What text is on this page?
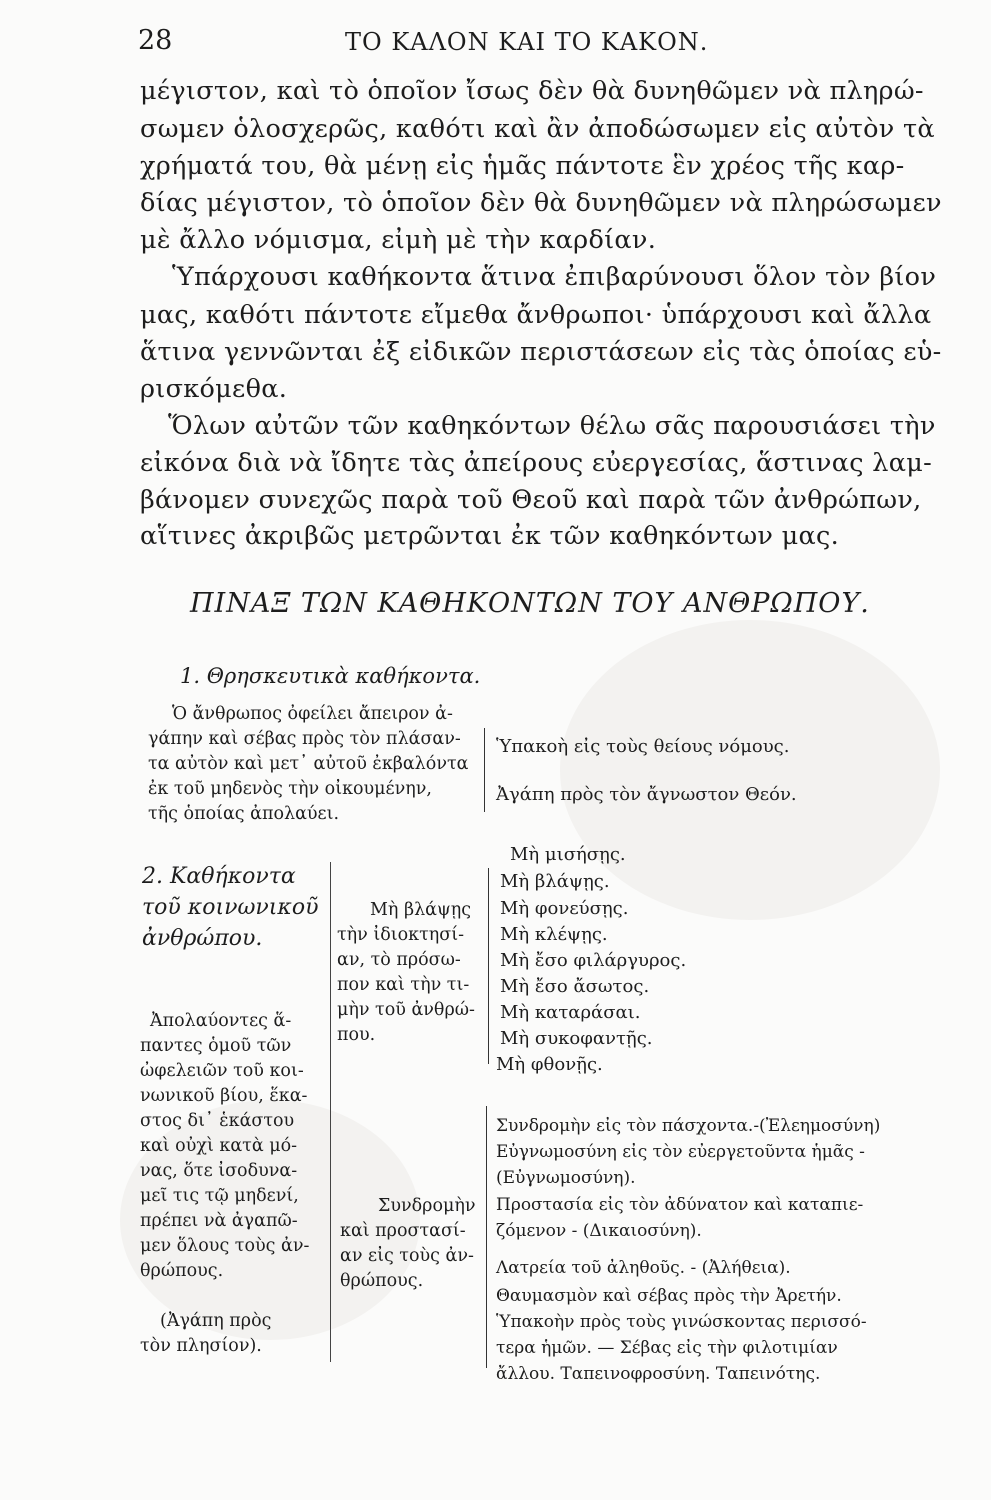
28	ΤΟ ΚΑΛΟΝ ΚΑΙ ΤΟ ΚΑΚΟΝ.
μέγιστον, καὶ τὸ ὁποῖον ἴσως δὲν θὰ δυνηθῶμεν νὰ πληρώ-
σωμεν ὁλοσχερῶς, καθότι καὶ ἂν ἀποδώσωμεν εἰς αὐτὸν τὰ
χρήματά του, θὰ μένῃ εἰς ἡμᾶς πάντοτε ἓν χρέος τῆς καρ-
δίας μέγιστον, τὸ ὁποῖον δὲν θὰ δυνηθῶμεν νὰ πληρώσωμεν
μὲ ἄλλο νόμισμα, εἰμὴ μὲ τὴν καρδίαν.
Ὑπάρχουσι καθήκοντα ἅτινα ἐπιβαρύνουσι ὅλον τὸν βίον
μας, καθότι πάντοτε εἴμεθα ἄνθρωποι· ὑπάρχουσι καὶ ἄλλα
ἅτινα γεννῶνται ἐξ εἰδικῶν περιστάσεων εἰς τὰς ὁποίας εὑ-
ρισκόμεθα.
Ὅλων αὐτῶν τῶν καθηκόντων θέλω σᾶς παρουσιάσει τὴν
εἰκόνα διὰ νὰ ἴδητε τὰς ἀπείρους εὐεργεσίας, ἅστινας λαμ-
βάνομεν συνεχῶς παρὰ τοῦ Θεοῦ καὶ παρὰ τῶν ἀνθρώπων,
αἵτινες ἀκριβῶς μετρῶνται ἐκ τῶν καθηκόντων μας.
ΠΙΝΑΞ ΤΩΝ ΚΑΘΗΚΟΝΤΩΝ ΤΟΥ ΑΝΘΡΩΠΟΥ.
1. Θρησκευτικὰ καθήκοντα.
Ὁ ἄνθρωπος ὀφείλει ἄπειρον ἀ-
γάπην καὶ σέβας πρὸς τὸν πλάσαν-
τα αὐτὸν καὶ μετ᾽ αὐτοῦ ἐκβαλόντα
ἐκ τοῦ μηδενὸς τὴν οἰκουμένην,
τῆς ὁποίας ἀπολαύει.
Ὑπακοὴ εἰς τοὺς θείους νόμους.
Ἀγάπη πρὸς τὸν ἄγνωστον Θεόν.
2. Καθήκοντα
τοῦ κοινωνικοῦ
ἀνθρώπου.
Ἀπολαύοντες ἅ-
παντες ὁμοῦ τῶν
ὠφελειῶν τοῦ κοι-
νωνικοῦ βίου, ἕκα-
στος δι᾽ ἑκάστου
καὶ οὐχὶ κατὰ μό-
νας, ὅτε ἰσοδυνα-
μεῖ τις τῷ μηδενί,
πρέπει νὰ ἀγαπῶ-
μεν ὅλους τοὺς ἀν-
θρώπους.
(Ἀγάπη πρὸς
τὸν πλησίον).
Μὴ βλάψῃς
τὴν ἰδιοκτησί-
αν, τὸ πρόσω-
πον καὶ τὴν τι-
μὴν τοῦ ἀνθρώ-
που.
Μὴ μισήσῃς.
Μὴ βλάψῃς.
Μὴ φονεύσῃς.
Μὴ κλέψῃς.
Μὴ ἔσο φιλάργυρος.
Μὴ ἔσο ἄσωτος.
Μὴ καταράσαι.
Μὴ συκοφαντῇς.
Μὴ φθονῇς.
Συνδρομὴν
καὶ προστασί-
αν εἰς τοὺς ἀν-
θρώπους.
Συνδρομὴν εἰς τὸν πάσχοντα.-(Ἐλεημοσύνη)
Εὐγνωμοσύνη εἰς τὸν εὐεργετοῦντα ἡμᾶς -
(Εὐγνωμοσύνη).
Προστασία εἰς τὸν ἀδύνατον καὶ καταπιε-
ζόμενον - (Δικαιοσύνη).
Λατρεία τοῦ ἀληθοῦς. - (Ἀλήθεια).
Θαυμασμὸν καὶ σέβας πρὸς τὴν Ἀρετήν.
Ὑπακοὴν πρὸς τοὺς γινώσκοντας περισσό-
τερα ἡμῶν. — Σέβας εἰς τὴν φιλοτιμίαν
ἄλλου. Ταπεινοφροσύνη. Ταπεινότης.
